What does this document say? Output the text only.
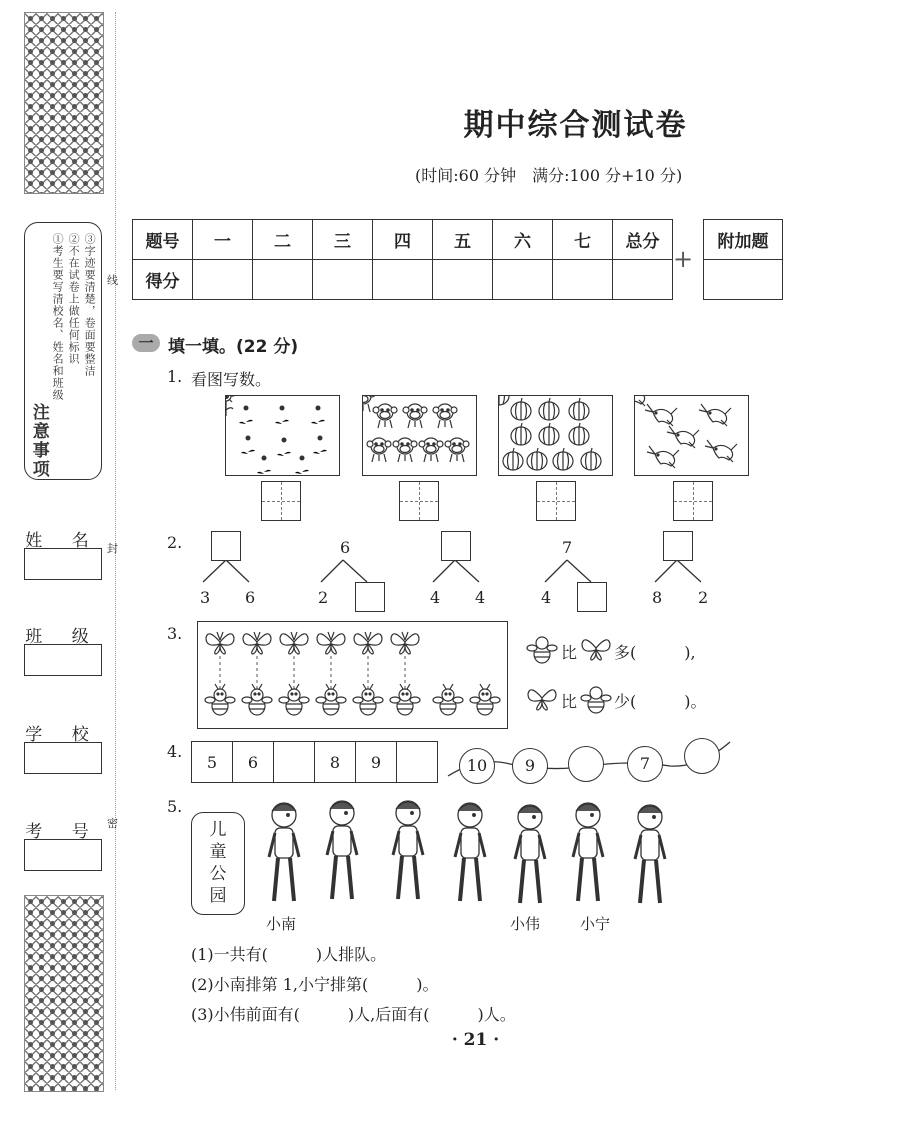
注意事项
①考生要写清校名、姓名和班级 ②不在试卷上做任何标识 ③字迹要清楚，卷面要整洁
姓 名
班 级
学 校
考 号
线
封
密
期中综合测试卷
(时间:60 分钟　满分:100 分+10 分)
题号	一	二	三	四	五	六	七	总分
得分								
+
附加题

一 填一填。(22 分)
1. 看图写数。
2.
3 6
6
2	4 4
7
4	8 2
3.
比 多(　　　),
比 少(　　　)。
4.
5	6		8	9		10	9	7
5.
儿
童
公
园
小南	小伟	小宁
(1)一共有(　　　)人排队。
(2)小南排第 1,小宁排第(　　　)。
(3)小伟前面有(　　　)人,后面有(　　　)人。
· 21 ·
